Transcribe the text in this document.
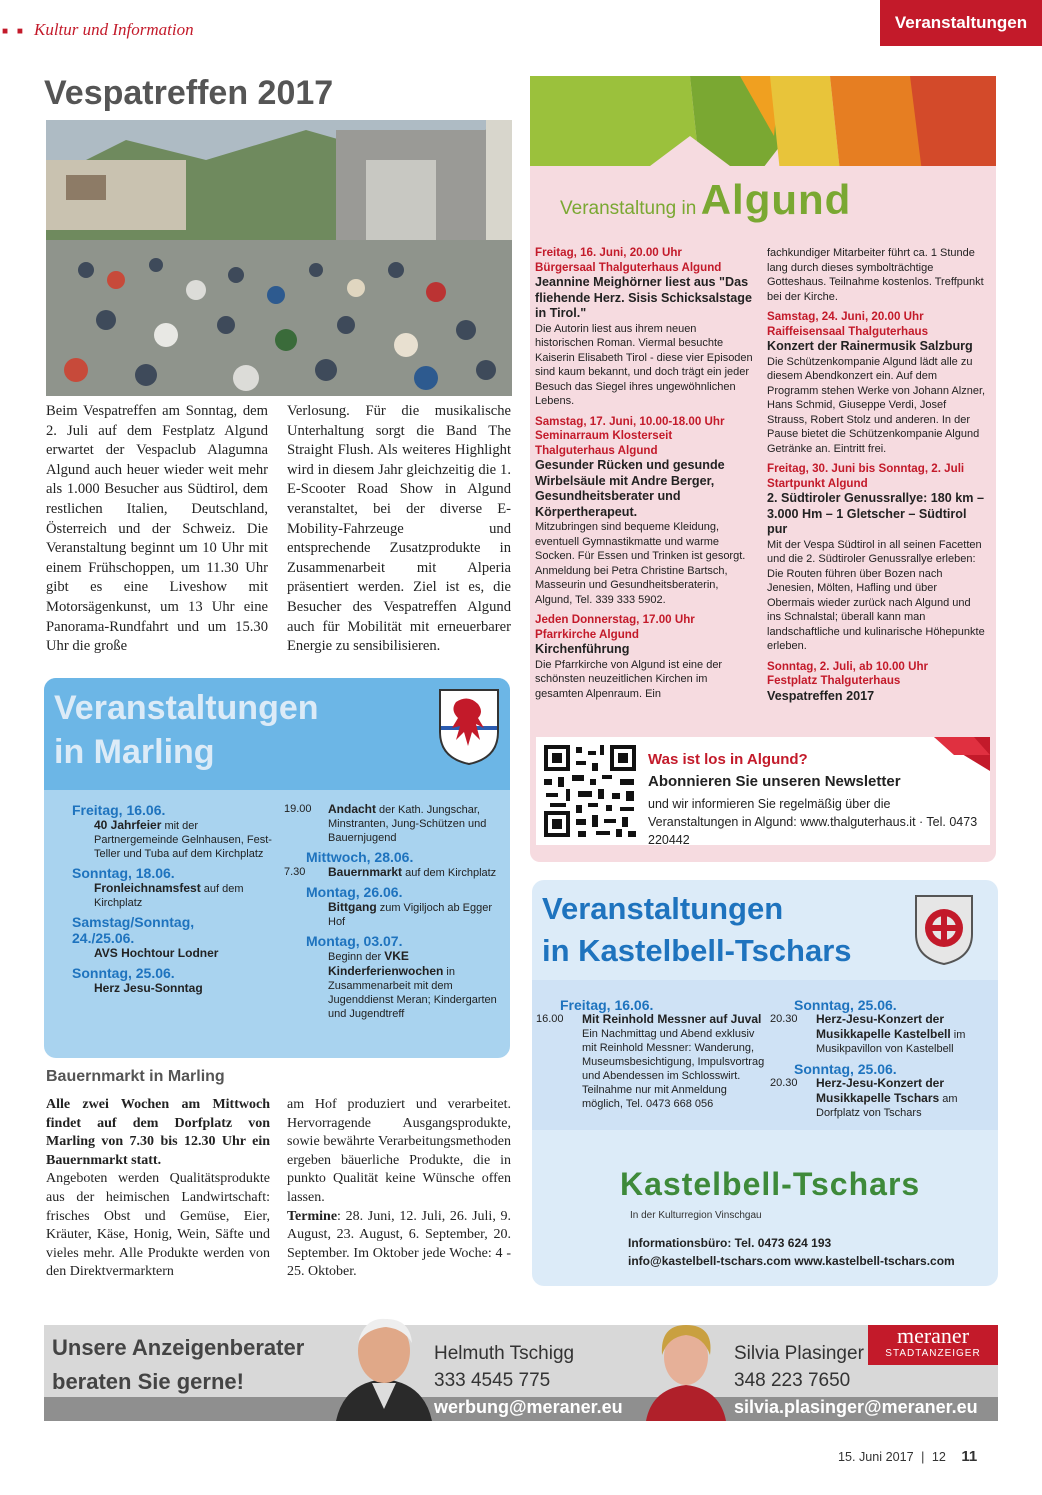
■ ■ Kultur und Information	Veranstaltungen
Vespatreffen 2017
Beim Vespatreffen am Sonntag, dem 2. Juli auf dem Festplatz Algund erwartet der Vespaclub Alagumna Algund auch heuer wieder weit mehr als 1.000 Besucher aus Südtirol, dem restlichen Italien, Deutschland, Österreich und der Schweiz. Die Veranstaltung beginnt um 10 Uhr mit einem Frühschoppen, um 11.30 Uhr gibt es eine Liveshow mit Motorsägenkunst, um 13 Uhr eine Panorama-Rundfahrt und um 15.30 Uhr die große
Verlosung. Für die musikalische Unterhaltung sorgt die Band The Straight Flush. Als weiteres Highlight wird in diesem Jahr gleichzeitig die 1. E-Scooter Road Show in Algund veranstaltet, bei der diverse E-Mobility-Fahrzeuge und entsprechende Zusatzprodukte in Zusammenarbeit mit Alperia präsentiert werden. Ziel ist es, die Besucher des Vespatreffen Algund auch für Mobilität mit erneuerbarer Energie zu sensibilisieren.
Veranstaltung in Algund

Freitag, 16. Juni, 20.00 Uhr
Bürgersaal Thalguterhaus Algund
Jeannine Meighörner liest aus "Das fliehende Herz. Sisis Schicksalstage in Tirol."
Die Autorin liest aus ihrem neuen historischen Roman. Viermal besuchte Kaiserin Elisabeth Tirol - diese vier Episoden sind kaum bekannt, und doch trägt ein jeder Besuch das Siegel ihres ungewöhnlichen Lebens.

Samstag, 17. Juni, 10.00-18.00 Uhr
Seminarraum Klosterseit Thalguterhaus Algund
Gesunder Rücken und gesunde Wirbelsäule mit Andre Berger, Gesundheitsberater und Körpertherapeut.
Mitzubringen sind bequeme Kleidung, eventuell Gymnastikmatte und warme Socken. Für Essen und Trinken ist gesorgt. Anmeldung bei Petra Christine Bartsch, Masseurin und Gesundheitsberaterin, Algund, Tel. 339 333 5902.

Jeden Donnerstag, 17.00 Uhr
Pfarrkirche Algund
Kirchenführung
Die Pfarrkirche von Algund ist eine der schönsten neuzeitlichen Kirchen im gesamten Alpenraum. Ein

fachkundiger Mitarbeiter führt ca. 1 Stunde lang durch dieses symbolträchtige Gotteshaus. Teilnahme kostenlos. Treffpunkt bei der Kirche.

Samstag, 24. Juni, 20.00 Uhr
Raiffeisensaal Thalguterhaus
Konzert der Rainermusik Salzburg
Die Schützenkompanie Algund lädt alle zu diesem Abendkonzert ein. Auf dem Programm stehen Werke von Johann Alzner, Hans Schmid, Giuseppe Verdi, Josef Strauss, Robert Stolz und anderen. In der Pause bietet die Schützenkompanie Algund Getränke an. Eintritt frei.

Freitag, 30. Juni bis Sonntag, 2. Juli
Startpunkt Algund
2. Südtiroler Genussrallye: 180 km – 3.000 Hm – 1 Gletscher – Südtirol pur
Mit der Vespa Südtirol in all seinen Facetten und die 2. Südtiroler Genussrallye erleben: Die Routen führen über Bozen nach Jenesien, Mölten, Hafling und über Obermais wieder zurück nach Algund und ins Schnalstal; überall kann man landschaftliche und kulinarische Höhepunkte erleben.

Sonntag, 2. Juli, ab 10.00 Uhr
Festplatz Thalguterhaus
Vespatreffen 2017

Was ist los in Algund?
Abonnieren Sie unseren Newsletter
und wir informieren Sie regelmäßig über die Veranstaltungen in Algund: www.thalguterhaus.it · Tel. 0473 220442
Veranstaltungen
in Marling
Freitag, 16.06.
40 Jahrfeier mit der Partnergemeinde Gelnhausen, Fest-Teller und Tuba auf dem Kirchplatz
Sonntag, 18.06.
Fronleichnamsfest auf dem Kirchplatz
Samstag/Sonntag, 24./25.06.
AVS Hochtour Lodner
Sonntag, 25.06.
Herz Jesu-Sonntag
19.00	Andacht der Kath. Jungschar, Minstranten, Jung-Schützen und Bauernjugend
Mittwoch, 28.06.
7.30	Bauernmarkt auf dem Kirchplatz
Montag, 26.06.
Bittgang zum Vigiljoch ab Egger Hof
Montag, 03.07.
Beginn der VKE Kinderferienwochen in Zusammenarbeit mit dem Jugenddienst Meran; Kindergarten und Jugendtreff
Bauernmarkt in Marling

Alle zwei Wochen am Mittwoch findet auf dem Dorfplatz von Marling von 7.30 bis 12.30 Uhr ein Bauernmarkt statt.

Angeboten werden Qualitätsprodukte aus der heimischen Landwirtschaft: frisches Obst und Gemüse, Eier, Kräuter, Käse, Honig, Wein, Säfte und vieles mehr. Alle Produkte werden von den Direktvermarktern

am Hof produziert und verarbeitet. Hervorragende Ausgangsprodukte, sowie bewährte Verarbeitungsmethoden ergeben bäuerliche Produkte, die in punkto Qualität keine Wünsche offen lassen.

Termine: 28. Juni, 12. Juli, 26. Juli, 9. August, 23. August, 6. September, 20. September. Im Oktober jede Woche: 4 - 25. Oktober.

Veranstaltungen
in Kastelbell-Tschars
Freitag, 16.06.
16.00	Mit Reinhold Messner auf Juval
Ein Nachmittag und Abend exklusiv mit Reinhold Messner: Wanderung, Museumsbesichtigung, Impulsvortrag und Abendessen im Schlosswirt. Teilnahme nur mit Anmeldung möglich, Tel. 0473 668 056
Sonntag, 25.06.
20.30	Herz-Jesu-Konzert der Musikkapelle Kastelbell im Musikpavillon von Kastelbell
Sonntag, 25.06.
20.30	Herz-Jesu-Konzert der Musikkapelle Tschars am Dorfplatz von Tschars
Kastelbell-Tschars
In der Kulturregion Vinschgau
Informationsbüro: Tel. 0473 624 193
info@kastelbell-tschars.com www.kastelbell-tschars.com
Unsere Anzeigenberater
beraten Sie gerne!
Helmuth Tschigg
333 4545 775
werbung@meraner.eu
Silvia Plasinger
348 223 7650
silvia.plasinger@meraner.eu
meraner
STADTANZEIGER
15. Juni 2017 | 12 11
